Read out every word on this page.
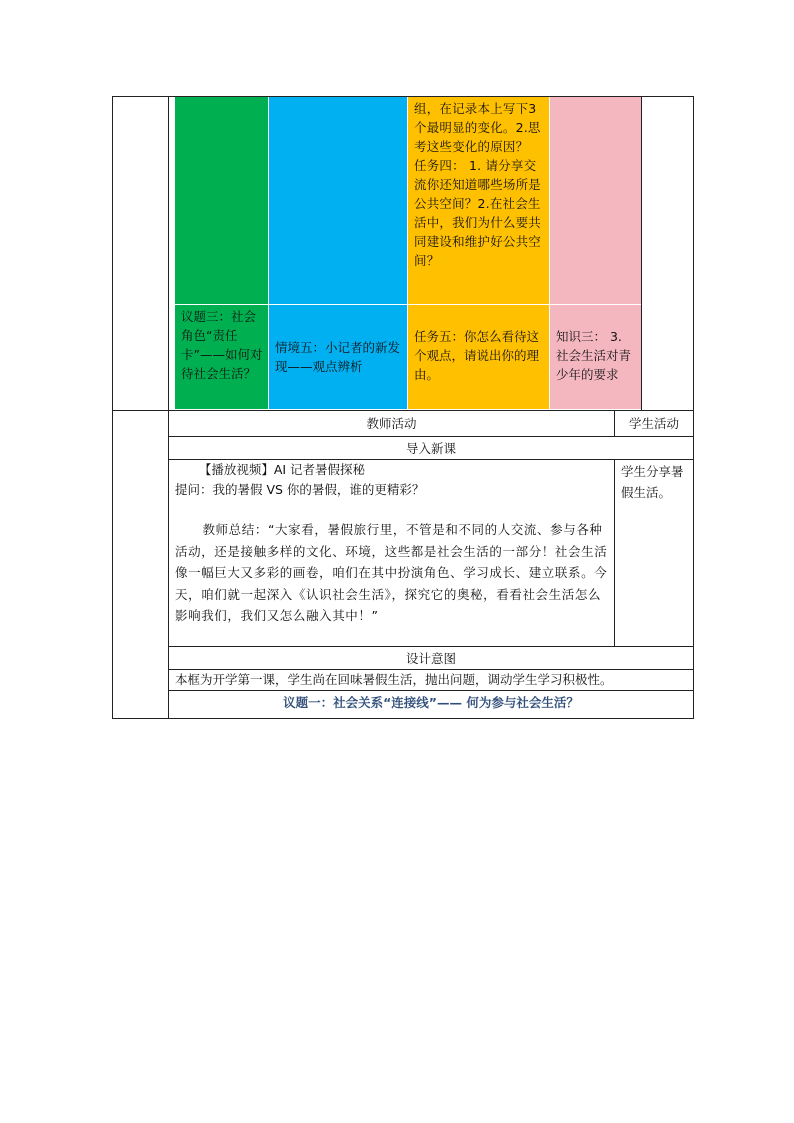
组，在记录本上写下3个最明显的变化。2.思考这些变化的原因？
任务四： 1. 请分享交流你还知道哪些场所是公共空间？2.在社会生活中，我们为什么要共同建设和维护好公共空间？
议题三：社会角色“责任卡”——如何对待社会生活？
情境五：小记者的新发现——观点辨析
任务五：你怎么看待这个观点，请说出你的理由。
知识三： 3. 社会生活对青少年的要求
教师活动	学生活动
导入新课
【播放视频】AI 记者暑假探秘
提问：我的暑假 VS 你的暑假，谁的更精彩？
教师总结：“大家看，暑假旅行里，不管是和不同的人交流、参与各种活动，还是接触多样的文化、环境，这些都是社会生活的一部分！社会生活像一幅巨大又多彩的画卷，咱们在其中扮演角色、学习成长、建立联系。今天，咱们就一起深入《认识社会生活》，探究它的奥秘，看看社会生活怎么影响我们，我们又怎么融入其中！”
学生分享暑假生活。
设计意图
本框为开学第一课，学生尚在回味暑假生活，抛出问题，调动学生学习积极性。
议题一：社会关系“连接线”—— 何为参与社会生活？
